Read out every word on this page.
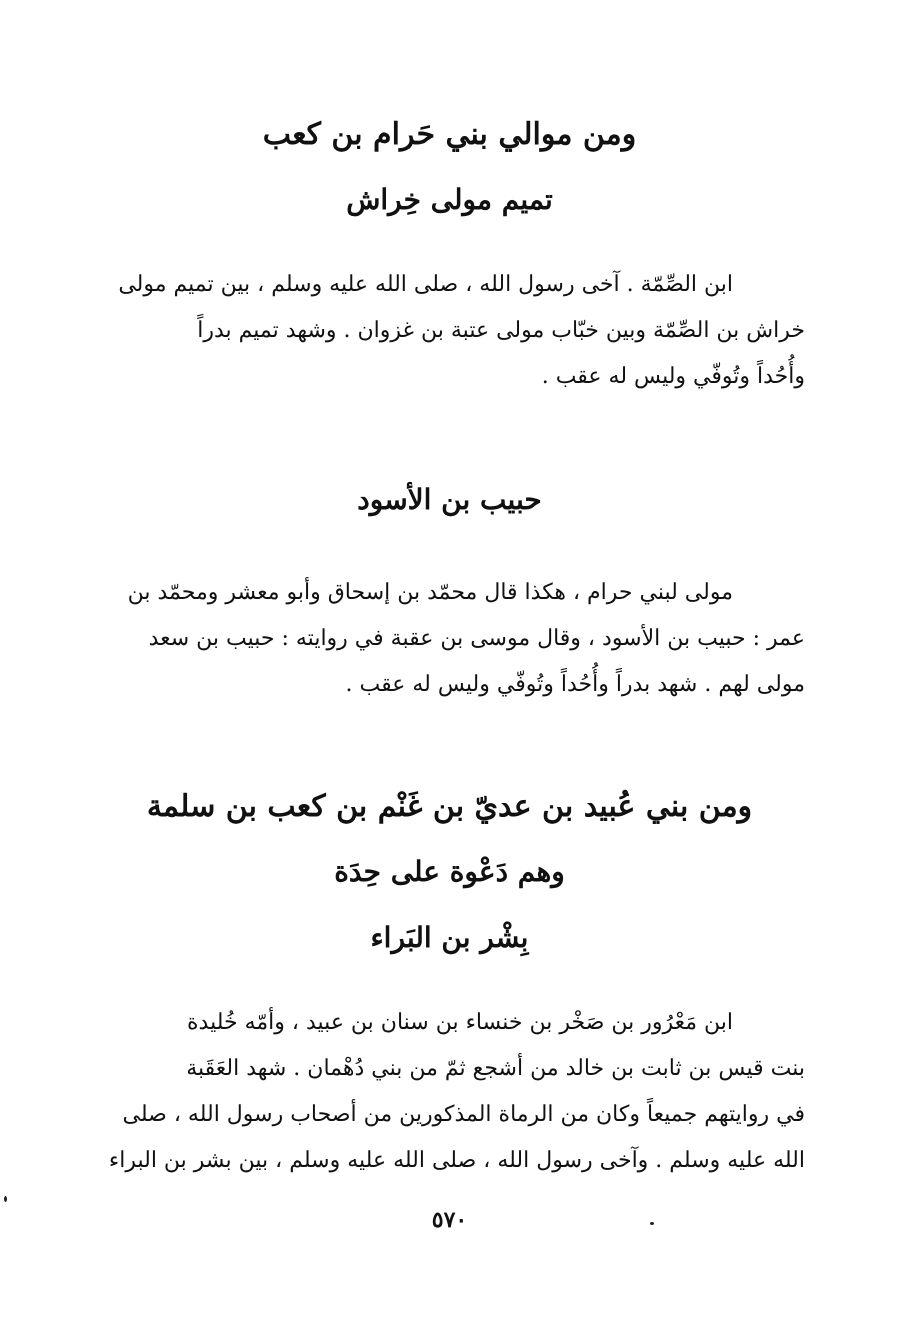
ومن موالي بني حَرام بن كعب
تميم مولى خِراش
ابن الصِّمّة . آخى رسول الله ، صلى الله عليه وسلم ، بين تميم مولى
خراش بن الصِّمّة وبين خبّاب مولى عتبة بن غزوان . وشهد تميم بدراً
وأُحُداً وتُوفّي وليس له عقب .
حبيب بن الأسود
مولى لبني حرام ، هكذا قال محمّد بن إسحاق وأبو معشر ومحمّد بن
عمر : حبيب بن الأسود ، وقال موسى بن عقبة في روايته : حبيب بن سعد
مولى لهم . شهد بدراً وأُحُداً وتُوفّي وليس له عقب .
ومن بني عُبيد بن عديّ بن غَنْم بن كعب بن سلمة
وهم دَعْوة على حِدَة
بِشْر بن البَراء
ابن مَعْرُور بن صَخْر بن خنساء بن سنان بن عبيد ، وأمّه خُليدة
بنت قيس بن ثابت بن خالد من أشجع ثمّ من بني دُهْمان . شهد العَقَبة
في روايتهم جميعاً وكان من الرماة المذكورين من أصحاب رسول الله ، صلى
الله عليه وسلم . وآخى رسول الله ، صلى الله عليه وسلم ، بين بشر بن البراء
٥٧٠
